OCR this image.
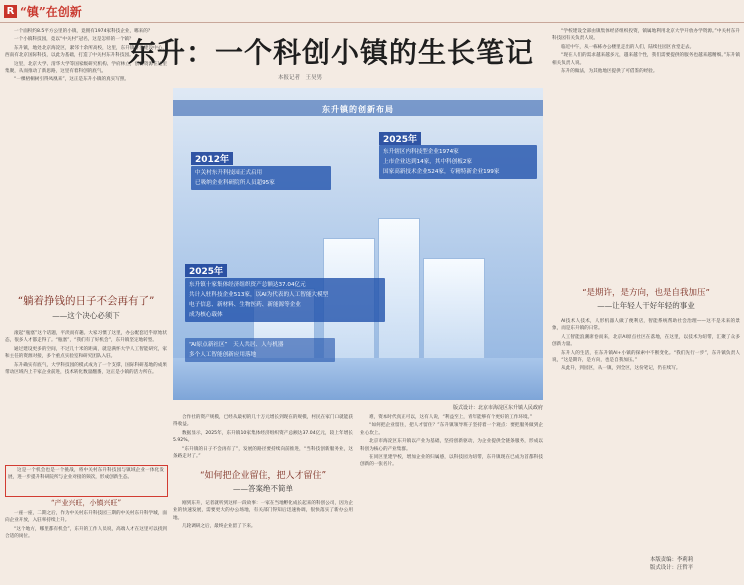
R “镇”在创新
东升：一个科创小镇的生长笔记
本报记者　王昊男

一个面积约8.5平方公里的小镇，竟拥有1974家科技企业，哪来的？

一个小镇科技园，竟以“中关村”冠名，这是怎样的一个镇？

东升镇，地处北京海淀区，紧邻十余所高校，这里，东升镇开发建设中心，西南有北京国际科技，以此为基础，打造了中关村东升科技园。

这里，北京大学、清华大学等国家级研究机构、学府林立，创新资源在这里集聚，从而推动了新思路，这里有着科创的底气。

“一棵梧桐树引得凤凰来”，这正是东升小镇的真实写照。

“躺着挣钱的日子不会再有了”
——这个决心必须下

滚起“瓶塞”这个话题，平淡而有趣。大家习惯了这里，办公配套近乎原始状态，很多人才都走得了。“瓶塞”，“我们有了好机会”，东升镇坚定地转型。

通过建设更多的空间，不过几十米的距离，就是满怀大学人工智能研究，家和主任的资源对接，多个重点实验室和研究团队入驻。

东升确实有底气，大学科技园的模式成为了一个支撑，国际科研基地的成果带动区域内上千家企业前进，技术转化数量翻番，这正是小镇的活力所在。

这是一个机会也是一个挑战，将中关村东升科技园与镇域企业一体化发展，进一步提升科研院所与企业对接的频次，形成创新生态。

“产业兴旺，小镇兴旺”

一座一座，二期之后，作为中关村东升科技园三期的中关村东升科学城，面向企业开放，入驻率持续上升。

“这个地方，哪里都有机会”，东升的工作人员说，高端人才在这里可以找到合适的岗位。

东升镇的创新布局
2012年
中关村东升科技园正式启用
已吸纳企业科研院所人员超95家
2025年
东升辖区内科技型企业1974家
上市企业达到14家，其中科创板2家
国家高新技术企业524家，专精特新企业199家
2025年
东升镇十家集体经济组织资产总额达37.04亿元
共计入驻科技企业513家，以AI为代表的人工智能大模型
电子信息、新材料、生物医药、新能源等企业
成为核心载体
“AI原点新社区”　天人共居、人与机器
多个人工智能创新应用落地
版式设计：北京市海淀区东升镇人民政府

合作社的资产规模，已经从最初的几十万元增长到现在的规模，村民在家门口就能获得收益。

数据显示，2025年，东升镇10家集体经济组织资产总额达37.04亿元，较上年增长5.92%。

“东升镇的日子不会再有了”，发展的路径要持续向前推进，“当科技创新服务业，这条路走对了。”

“如何把企业留住，把人才留住”
——答案绝不简单

刚到东升，记者就听到这样一段故事：一家在当地孵化成长起来的科创公司，因为企业的快速发展，需要更大的办公场地，有关部门得知后迅速协调，很快落实了新办公用地。

几轮调研之后，最终企业留了下来。

难，资本时代真正可以，这有人说，“利益至上，青年能够有个更好的工作环境。”

“如何把企业留住，把人才留住？”东升镇领导班子坚持着一个观点：要把服务做到企业心坎上。

北京市海淀区东升镇以产业为基础，坚持创新驱动，为企业提供全链条服务，形成以科创为核心的产业集群。

在同区里建学校，增加企业的归属感，以科技园为纽带，东升镇现在已成为首都科技创新的一张名片。

“学校建设全部由镇集体经济组织投资，镇属地利用北京大学开放办学资源。”中关村东升科技园有关负责人说。

临近中午，从一栋栋办公楼里走出的人们，陆续往园区食堂走去。

“现在人们的需求越来越多元，越来越个性，我们需要提供的服务也越来越精细。”东升镇相关负责人说。

东升的做法，为其他地区提供了可借鉴的经验。

“是期许，是方向，也是自我加压”
——让年轻人干好年轻的事业

AI技术人技术，人形机器人做了便利店，智能系统帮助社会治理——这不是未来的景象，而是东升镇的日常。

人工智能浪潮席卷而来，北京AI原点社区在落地，在这里，以技术为纽带，汇聚了众多创新力量。

东升人的生活，在东升镇AI+小镇的探索中不断变化。“我们先行一步”，东升镇负责人说，“这是期许，是方向，也是自我加压。”

从此升，到园区，从一镇，到全区，这份笔记，仍在续写。

本版责编：李莉莉
版式设计：汪哲平
